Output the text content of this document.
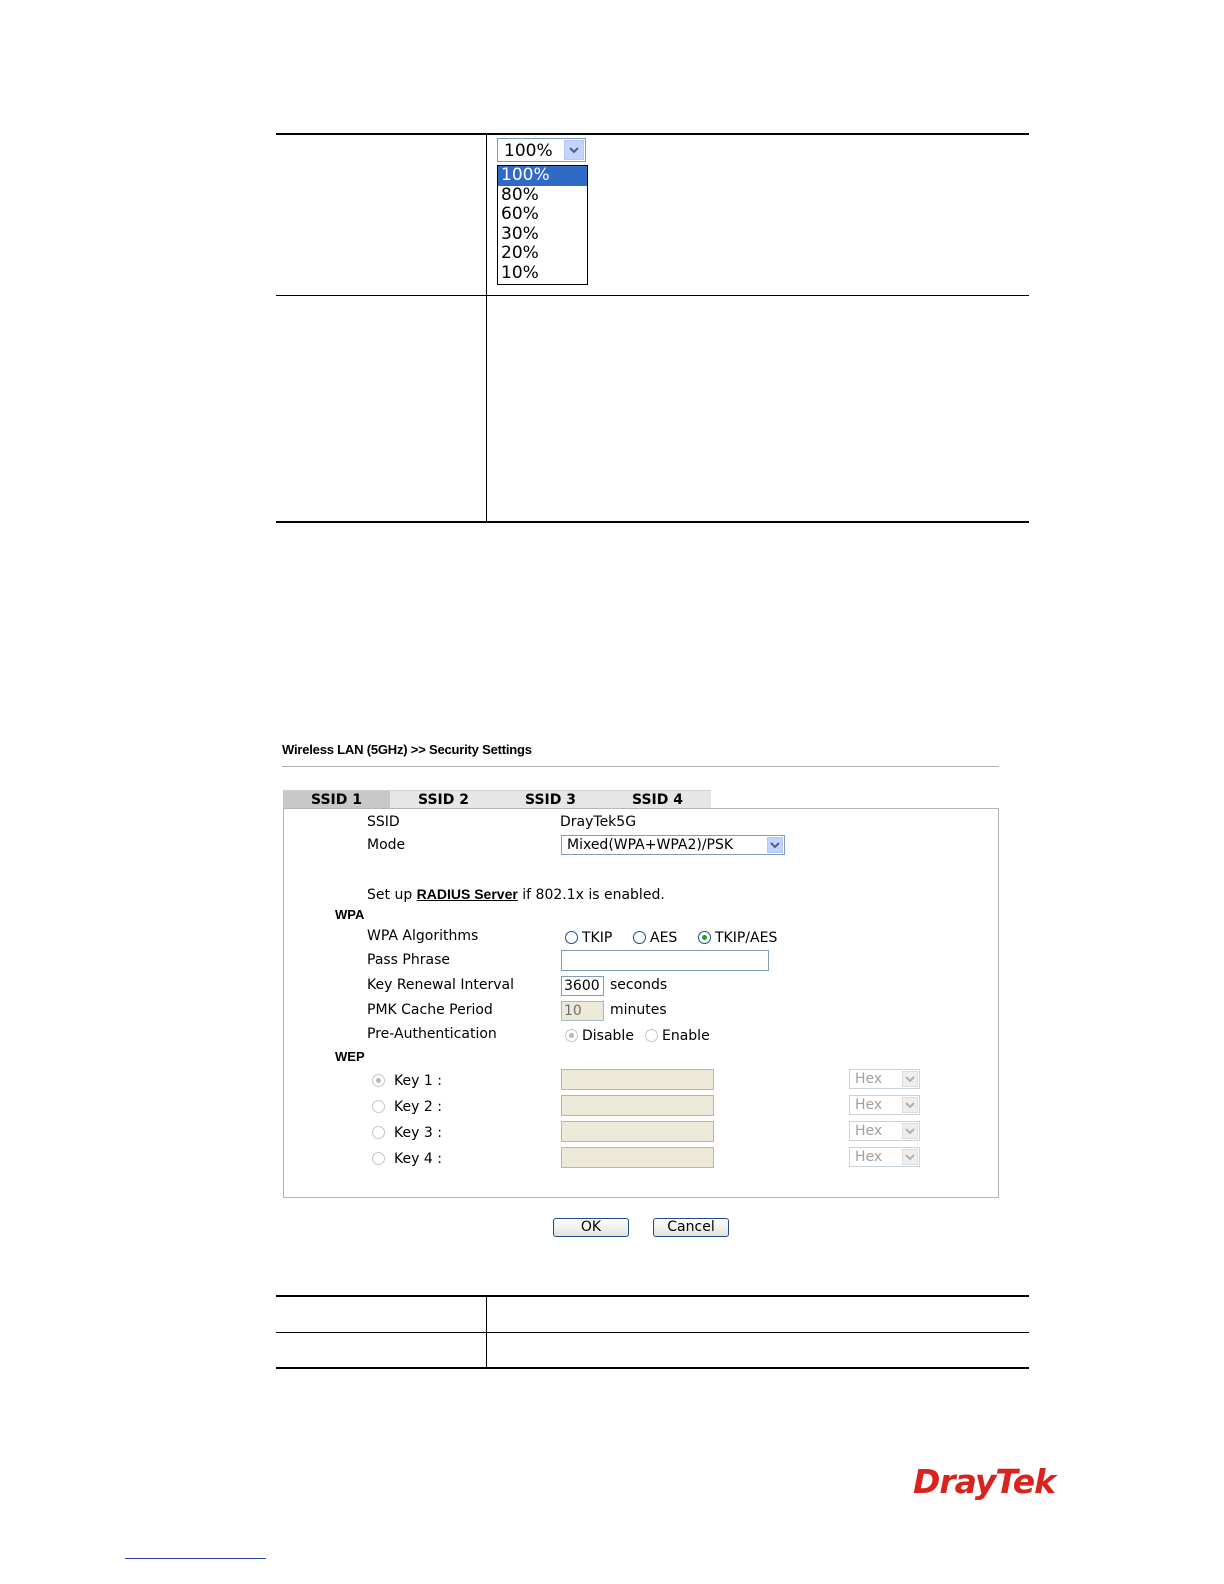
100%
100%
80%
60%
30%
20%
10%
Wireless LAN (5GHz) >> Security Settings
SSID 1	SSID 2	SSID 3	SSID 4
SSID	DrayTek5G
Mode	Mixed(WPA+WPA2)/PSK
Set up RADIUS Server if 802.1x is enabled.
WPA
WPA Algorithms	TKIP	AES	TKIP/AES
Pass Phrase
Key Renewal Interval	3600 seconds
PMK Cache Period	10	minutes
Pre-Authentication	Disable Enable
WEP
Key 1 :	Hex
Key 2 :	Hex
Key 3 :	Hex
Key 4 :	Hex
OK	Cancel
DrayTek
